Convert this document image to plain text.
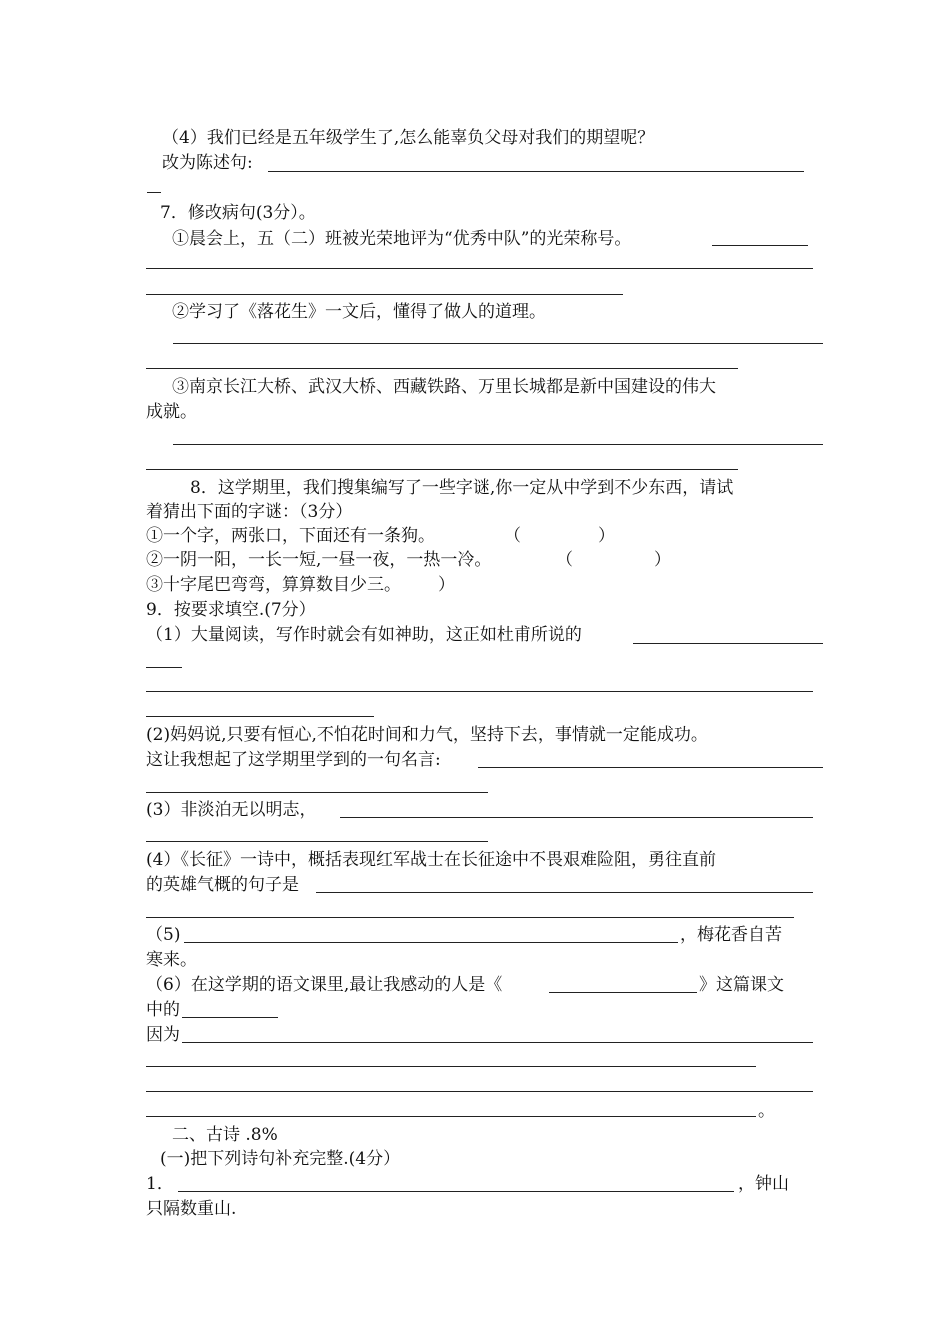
（4）我们已经是五年级学生了,怎么能辜负父母对我们的期望呢？
改为陈述句:
7．修改病句(3分）。
①晨会上，五（二）班被光荣地评为“优秀中队”的光荣称号。
②学习了《落花生》一文后，懂得了做人的道理。
③南京长江大桥、武汉大桥、西藏铁路、万里长城都是新中国建设的伟大
成就。
8．这学期里，我们搜集编写了一些字谜,你一定从中学到不少东西，请试
着猜出下面的字谜：（3分）
①一个字，两张口，下面还有一条狗。	（	）
②一阴一阳，一长一短,一昼一夜，一热一冷。	（	）
③十字尾巴弯弯，算算数目少三。 ）
9．按要求填空.(7分）
（1）大量阅读，写作时就会有如神助，这正如杜甫所说的
(2)妈妈说,只要有恒心,不怕花时间和力气，坚持下去，事情就一定能成功。
这让我想起了这学期里学到的一句名言:
(3）非淡泊无以明志，
(4）《长征》一诗中，概括表现红军战士在长征途中不畏艰难险阻，勇往直前
的英雄气概的句子是
（5)	，梅花香自苦
寒来。
（6）在这学期的语文课里,最让我感动的人是《	》这篇课文
中的
因为
。
二、古诗 .8%
(一)把下列诗句补充完整.(4分）
1．	，钟山
只隔数重山.
